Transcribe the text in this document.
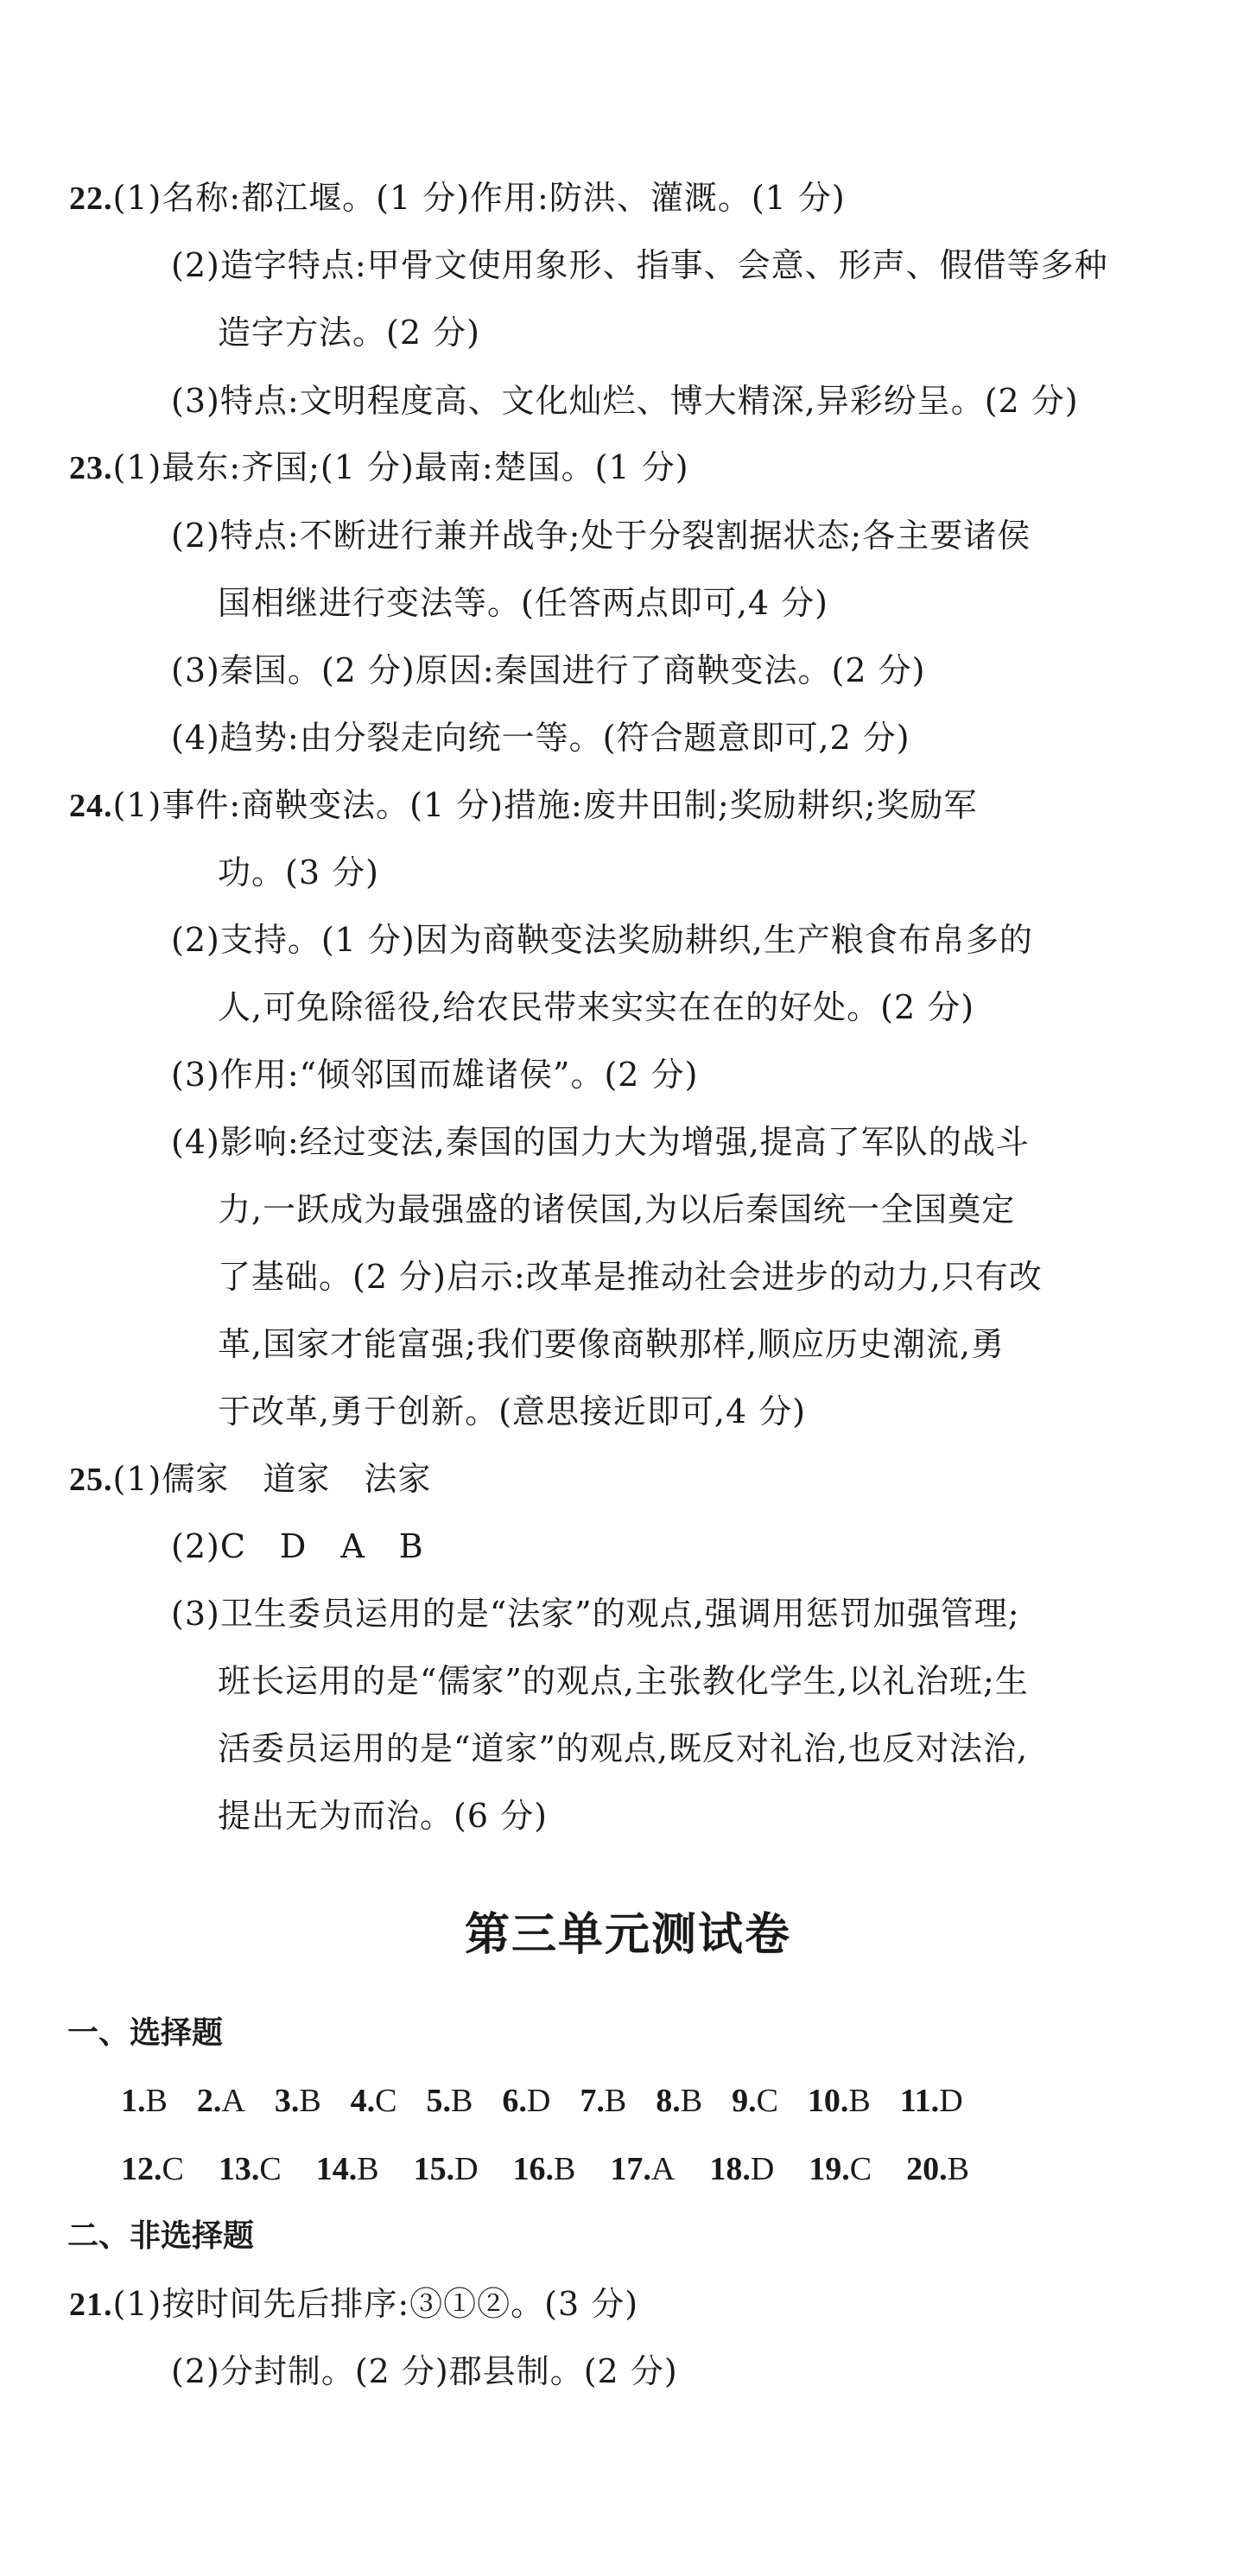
22.(1)名称:都江堰。(1 分)作用:防洪、灌溉。(1 分)
(2)造字特点:甲骨文使用象形、指事、会意、形声、假借等多种
造字方法。(2 分)
(3)特点:文明程度高、文化灿烂、博大精深,异彩纷呈。(2 分)
23.(1)最东:齐国;(1 分)最南:楚国。(1 分)
(2)特点:不断进行兼并战争;处于分裂割据状态;各主要诸侯
国相继进行变法等。(任答两点即可,4 分)
(3)秦国。(2 分)原因:秦国进行了商鞅变法。(2 分)
(4)趋势:由分裂走向统一等。(符合题意即可,2 分)
24.(1)事件:商鞅变法。(1 分)措施:废井田制;奖励耕织;奖励军
功。(3 分)
(2)支持。(1 分)因为商鞅变法奖励耕织,生产粮食布帛多的
人,可免除徭役,给农民带来实实在在的好处。(2 分)
(3)作用:“倾邻国而雄诸侯”。(2 分)
(4)影响:经过变法,秦国的国力大为增强,提高了军队的战斗
力,一跃成为最强盛的诸侯国,为以后秦国统一全国奠定
了基础。(2 分)启示:改革是推动社会进步的动力,只有改
革,国家才能富强;我们要像商鞅那样,顺应历史潮流,勇
于改革,勇于创新。(意思接近即可,4 分)
25.(1)儒家　道家　法家
(2)C　D　A　B
(3)卫生委员运用的是“法家”的观点,强调用惩罚加强管理;
班长运用的是“儒家”的观点,主张教化学生,以礼治班;生
活委员运用的是“道家”的观点,既反对礼治,也反对法治,
提出无为而治。(6 分)
第三单元测试卷
一、选择题
1.B 2.A 3.B 4.C 5.B 6.D 7.B 8.B 9.C 10.B 11.D
12.C 13.C 14.B 15.D 16.B 17.A 18.D 19.C 20.B
二、非选择题
21.(1)按时间先后排序:③①②。(3 分)
(2)分封制。(2 分)郡县制。(2 分)
